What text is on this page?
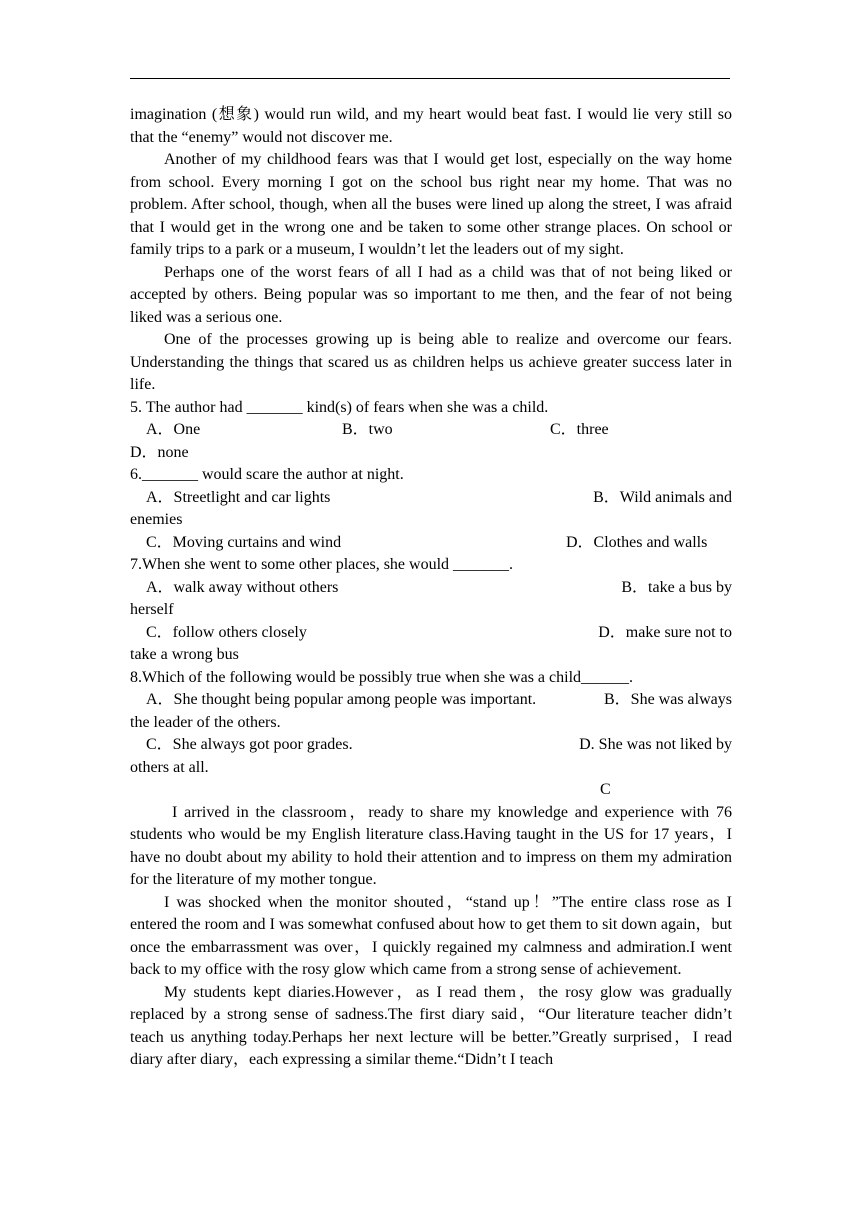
imagination (想象) would run wild, and my heart would beat fast. I would lie very still so that the “enemy” would not discover me.

Another of my childhood fears was that I would get lost, especially on the way home from school. Every morning I got on the school bus right near my home. That was no problem. After school, though, when all the buses were lined up along the street, I was afraid that I would get in the wrong one and be taken to some other strange places. On school or family trips to a park or a museum, I wouldn’t let the leaders out of my sight.

Perhaps one of the worst fears of all I had as a child was that of not being liked or accepted by others. Being popular was so important to me then, and the fear of not being liked was a serious one.

One of the processes growing up is being able to realize and overcome our fears. Understanding the things that scared us as children helps us achieve greater success later in life.

5. The author had _______ kind(s) of fears when she was a child.

A．One	B．two	C．three
D．none

6._______ would scare the author at night.

A．Streetlight and car lights	B．Wild animals and

enemies

C．Moving curtains and wind	D．Clothes and walls

7.When she went to some other places, she would _______.

A．walk away without others	B．take a bus by

herself

C．follow others closely	D．make sure not to

take a wrong bus

8.Which of the following would be possibly true when she was a child______.

A．She thought being popular among people was important.	B．She was always

the leader of the others.

C．She always got poor grades.	D. She was not liked by

others at all.

C

I arrived in the classroom，ready to share my knowledge and experience with 76 students who would be my English literature class.Having taught in the US for 17 years，I have no doubt about my ability to hold their attention and to impress on them my admiration for the literature of my mother tongue.

I was shocked when the monitor shouted，“stand up！”The entire class rose as I entered the room and I was somewhat confused about how to get them to sit down again，but once the embarrassment was over，I quickly regained my calmness and admiration.I went back to my office with the rosy glow which came from a strong sense of achievement.

My students kept diaries.However，as I read them，the rosy glow was gradually replaced by a strong sense of sadness.The first diary said，“Our literature teacher didn’t teach us anything today.Perhaps her next lecture will be better.”Greatly surprised，I read diary after diary，each expressing a similar theme.“Didn’t I teach
